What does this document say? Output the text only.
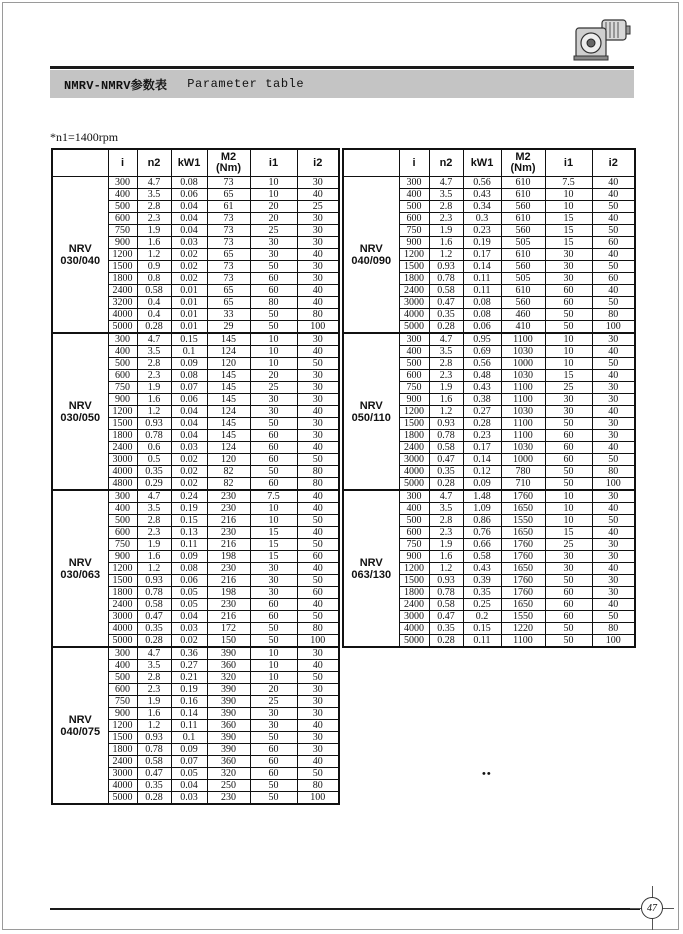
NMRV-NMRV参数表 Parameter table
*n1=1400rpm
	i	n2	kW1	M2
(Nm)	i1	i2
NRV
030/040	300	4.7	0.08	73	10	30
	400	3.5	0.06	65	10	40
	500	2.8	0.04	61	20	25
	600	2.3	0.04	73	20	30
	750	1.9	0.04	73	25	30
	900	1.6	0.03	73	30	30
	1200	1.2	0.02	65	30	40
	1500	0.9	0.02	73	50	30
	1800	0.8	0.02	73	60	30
	2400	0.58	0.01	65	60	40
	3200	0.4	0.01	65	80	40
	4000	0.4	0.01	33	50	80
	5000	0.28	0.01	29	50	100
NRV
030/050	300	4.7	0.15	145	10	30
	400	3.5	0.1	124	10	40
	500	2.8	0.09	120	10	50
	600	2.3	0.08	145	20	30
	750	1.9	0.07	145	25	30
	900	1.6	0.06	145	30	30
	1200	1.2	0.04	124	30	40
	1500	0.93	0.04	145	50	30
	1800	0.78	0.04	145	60	30
	2400	0.6	0.03	124	60	40
	3000	0.5	0.02	120	60	50
	4000	0.35	0.02	82	50	80
	4800	0.29	0.02	82	60	80
NRV
030/063	300	4.7	0.24	230	7.5	40
	400	3.5	0.19	230	10	40
	500	2.8	0.15	216	10	50
	600	2.3	0.13	230	15	40
	750	1.9	0.11	216	15	50
	900	1.6	0.09	198	15	60
	1200	1.2	0.08	230	30	40
	1500	0.93	0.06	216	30	50
	1800	0.78	0.05	198	30	60
	2400	0.58	0.05	230	60	40
	3000	0.47	0.04	216	60	50
	4000	0.35	0.03	172	50	80
	5000	0.28	0.02	150	50	100
NRV
040/075	300	4.7	0.36	390	10	30
	400	3.5	0.27	360	10	40
	500	2.8	0.21	320	10	50
	600	2.3	0.19	390	20	30
	750	1.9	0.16	390	25	30
	900	1.6	0.14	390	30	30
	1200	1.2	0.11	360	30	40
	1500	0.93	0.1	390	50	30
	1800	0.78	0.09	390	60	30
	2400	0.58	0.07	360	60	40
	3000	0.47	0.05	320	60	50
	4000	0.35	0.04	250	50	80
	5000	0.28	0.03	230	50	100
	i	n2	kW1	M2
(Nm)	i1	i2
NRV
040/090	300	4.7	0.56	610	7.5	40
	400	3.5	0.43	610	10	40
	500	2.8	0.34	560	10	50
	600	2.3	0.3	610	15	40
	750	1.9	0.23	560	15	50
	900	1.6	0.19	505	15	60
	1200	1.2	0.17	610	30	40
	1500	0.93	0.14	560	30	50
	1800	0.78	0.11	505	30	60
	2400	0.58	0.11	610	60	40
	3000	0.47	0.08	560	60	50
	4000	0.35	0.08	460	50	80
	5000	0.28	0.06	410	50	100
NRV
050/110	300	4.7	0.95	1100	10	30
	400	3.5	0.69	1030	10	40
	500	2.8	0.56	1000	10	50
	600	2.3	0.48	1030	15	40
	750	1.9	0.43	1100	25	30
	900	1.6	0.38	1100	30	30
	1200	1.2	0.27	1030	30	40
	1500	0.93	0.28	1100	50	30
	1800	0.78	0.23	1100	60	30
	2400	0.58	0.17	1030	60	40
	3000	0.47	0.14	1000	60	50
	4000	0.35	0.12	780	50	80
	5000	0.28	0.09	710	50	100
NRV
063/130	300	4.7	1.48	1760	10	30
	400	3.5	1.09	1650	10	40
	500	2.8	0.86	1550	10	50
	600	2.3	0.76	1650	15	40
	750	1.9	0.66	1760	25	30
	900	1.6	0.58	1760	30	30
	1200	1.2	0.43	1650	30	40
	1500	0.93	0.39	1760	50	30
	1800	0.78	0.35	1760	60	30
	2400	0.58	0.25	1650	60	40
	3000	0.47	0.2	1550	60	50
	4000	0.35	0.15	1220	50	80
	5000	0.28	0.11	1100	50	100
••
47
